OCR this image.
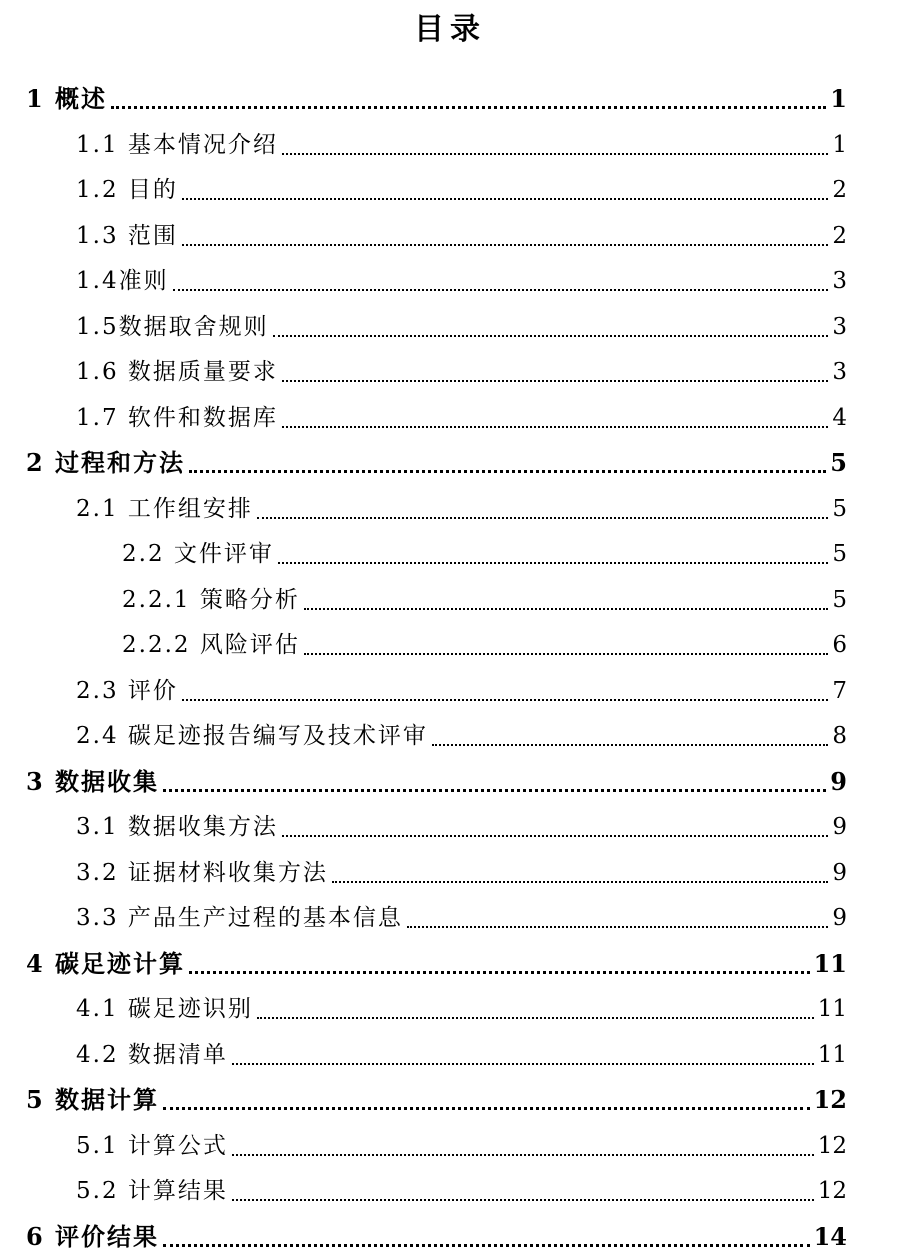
目录
1 概述	1
1.1 基本情况介绍	1
1.2 目的	2
1.3 范围	2
1.4准则	3
1.5数据取舍规则	3
1.6 数据质量要求	3
1.7 软件和数据库	4
2 过程和方法	5
2.1 工作组安排	5
2.2 文件评审	5
2.2.1 策略分析	5
2.2.2 风险评估	6
2.3 评价	7
2.4 碳足迹报告编写及技术评审	8
3 数据收集	9
3.1 数据收集方法	9
3.2 证据材料收集方法	9
3.3 产品生产过程的基本信息	9
4 碳足迹计算	11
4.1 碳足迹识别	11
4.2 数据清单	11
5 数据计算	12
5.1 计算公式	12
5.2 计算结果	12
6 评价结果	14
